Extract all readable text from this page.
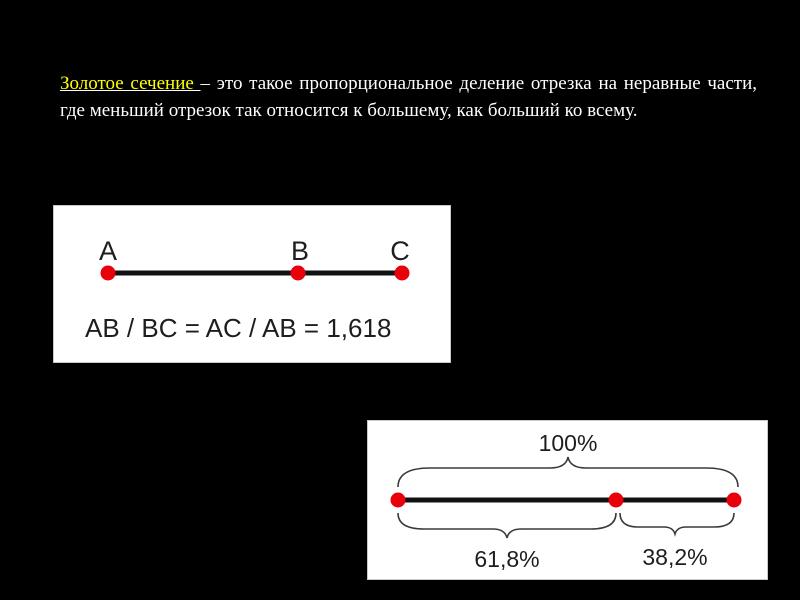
Золотое сечение – это такое пропорциональное деление отрезка на неравные части, где меньший отрезок так относится к большему, как больший ко всему.

A	B	C
AB / BC = AC / AB = 1,618
100%
61,8%	38,2%
